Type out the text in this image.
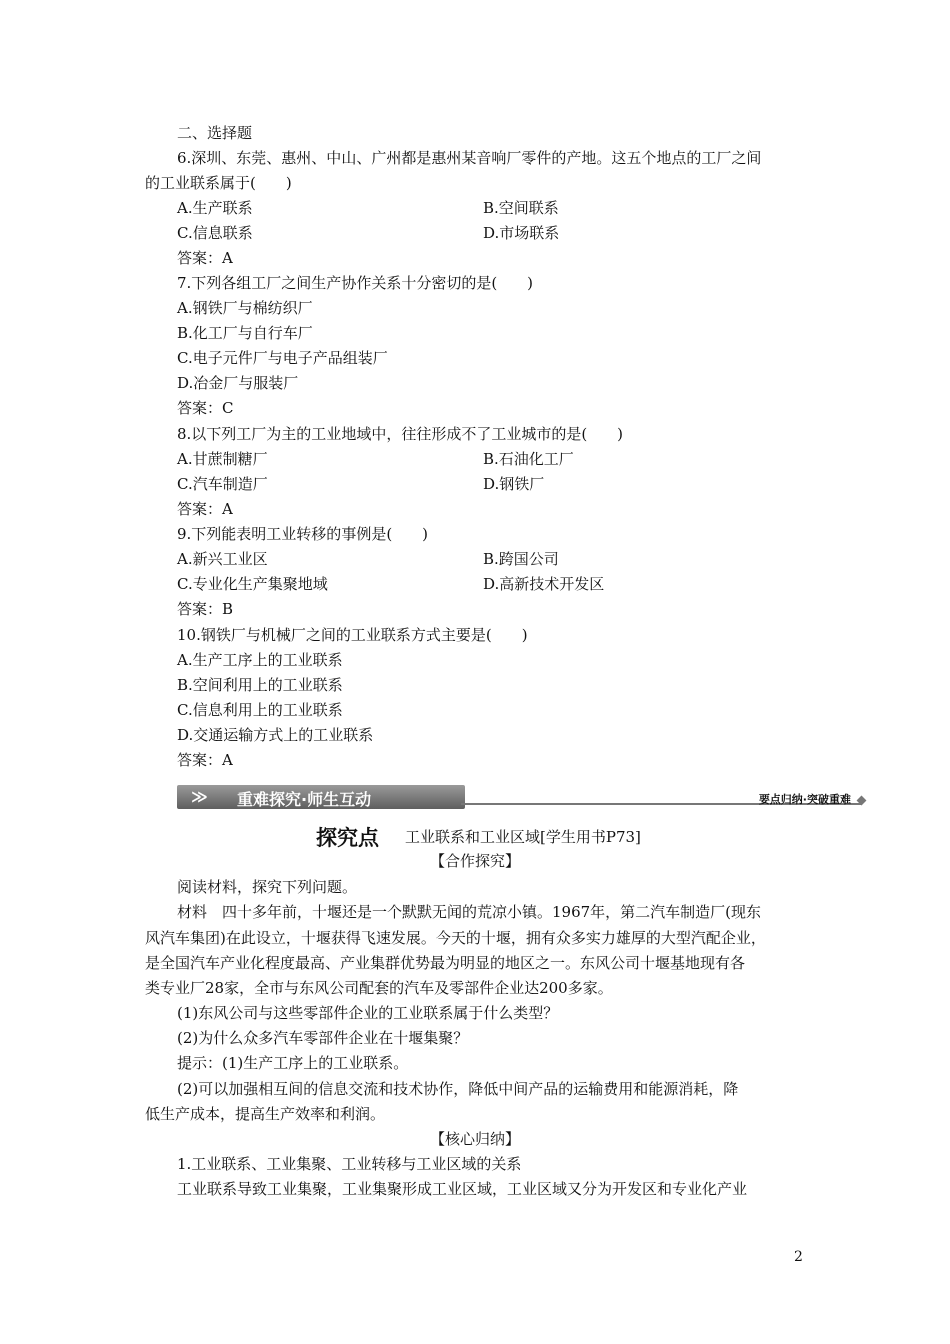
二、选择题
6.深圳、东莞、惠州、中山、广州都是惠州某音响厂零件的产地。这五个地点的工厂之间
的工业联系属于(　　)
A.生产联系	B.空间联系
C.信息联系	D.市场联系
答案：A
7.下列各组工厂之间生产协作关系十分密切的是(　　)
A.钢铁厂与棉纺织厂
B.化工厂与自行车厂
C.电子元件厂与电子产品组装厂
D.冶金厂与服装厂
答案：C
8.以下列工厂为主的工业地域中，往往形成不了工业城市的是(　　)
A.甘蔗制糖厂	B.石油化工厂
C.汽车制造厂	D.钢铁厂
答案：A
9.下列能表明工业转移的事例是(　　)
A.新兴工业区	B.跨国公司
C.专业化生产集聚地域	D.高新技术开发区
答案：B
10.钢铁厂与机械厂之间的工业联系方式主要是(　　)
A.生产工序上的工业联系
B.空间利用上的工业联系
C.信息利用上的工业联系
D.交通运输方式上的工业联系
答案：A
≫ 重难探究·师生互动	要点归纳·突破重难
探究点 工业联系和工业区域[学生用书P73]
【合作探究】
阅读材料，探究下列问题。
材料　四十多年前，十堰还是一个默默无闻的荒凉小镇。1967年，第二汽车制造厂(现东
风汽车集团)在此设立，十堰获得飞速发展。今天的十堰，拥有众多实力雄厚的大型汽配企业，
是全国汽车产业化程度最高、产业集群优势最为明显的地区之一。东风公司十堰基地现有各
类专业厂28家，全市与东风公司配套的汽车及零部件企业达200多家。
(1)东风公司与这些零部件企业的工业联系属于什么类型？
(2)为什么众多汽车零部件企业在十堰集聚？
提示：(1)生产工序上的工业联系。
(2)可以加强相互间的信息交流和技术协作，降低中间产品的运输费用和能源消耗，降
低生产成本，提高生产效率和利润。
【核心归纳】
1.工业联系、工业集聚、工业转移与工业区域的关系
工业联系导致工业集聚，工业集聚形成工业区域，工业区域又分为开发区和专业化产业
2
